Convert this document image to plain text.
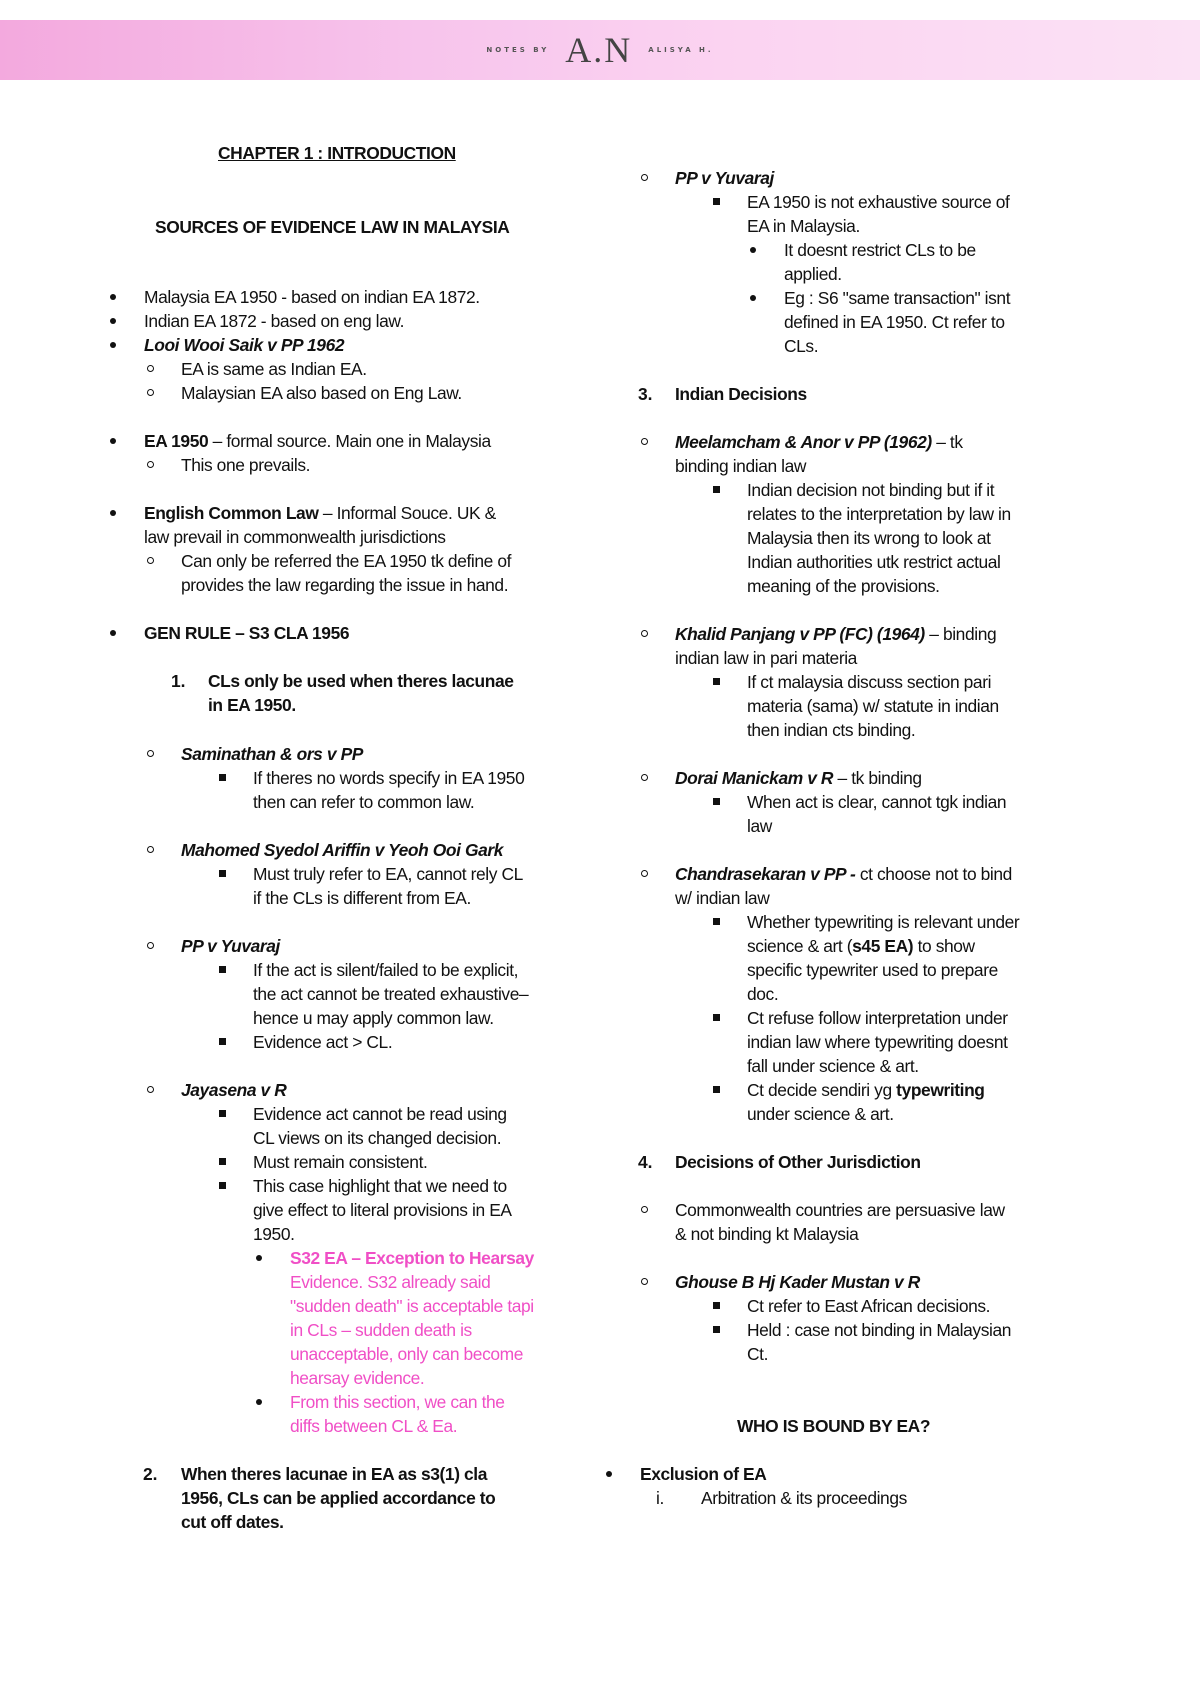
NOTES BY A.N ALISYA H.
CHAPTER 1 : INTRODUCTION
SOURCES OF EVIDENCE LAW IN MALAYSIA
Malaysia EA 1950 - based on indian EA 1872.
Indian EA 1872 - based on eng law.
Looi Wooi Saik v PP 1962
EA is same as Indian EA.
Malaysian EA also based on Eng Law.
EA 1950 – formal source. Main one in Malaysia
This one prevails.
English Common Law – Informal Souce. UK &
law prevail in commonwealth jurisdictions
Can only be referred the EA 1950 tk define of
provides the law regarding the issue in hand.
GEN RULE – S3 CLA 1956
1. CLs only be used when theres lacunae
in EA 1950.
Saminathan & ors v PP
If theres no words specify in EA 1950
then can refer to common law.
Mahomed Syedol Ariffin v Yeoh Ooi Gark
Must truly refer to EA, cannot rely CL
if the CLs is different from EA.
PP v Yuvaraj
If the act is silent/failed to be explicit,
the act cannot be treated exhaustive–
hence u may apply common law.
Evidence act > CL.
Jayasena v R
Evidence act cannot be read using
CL views on its changed decision.
Must remain consistent.
This case highlight that we need to
give effect to literal provisions in EA
1950.
S32 EA – Exception to Hearsay
Evidence. S32 already said
"sudden death" is acceptable tapi
in CLs – sudden death is
unacceptable, only can become
hearsay evidence.
From this section, we can the
diffs between CL & Ea.
2. When theres lacunae in EA as s3(1) cla
1956, CLs can be applied accordance to
cut off dates.
PP v Yuvaraj
EA 1950 is not exhaustive source of
EA in Malaysia.
It doesnt restrict CLs to be
applied.
Eg : S6 "same transaction" isnt
defined in EA 1950. Ct refer to
CLs.
3. Indian Decisions
Meelamcham & Anor v PP (1962) – tk
binding indian law
Indian decision not binding but if it
relates to the interpretation by law in
Malaysia then its wrong to look at
Indian authorities utk restrict actual
meaning of the provisions.
Khalid Panjang v PP (FC) (1964) – binding
indian law in pari materia
If ct malaysia discuss section pari
materia (sama) w/ statute in indian
then indian cts binding.
Dorai Manickam v R – tk binding
When act is clear, cannot tgk indian
law
Chandrasekaran v PP - ct choose not to bind
w/ indian law
Whether typewriting is relevant under
science & art (s45 EA) to show
specific typewriter used to prepare
doc.
Ct refuse follow interpretation under
indian law where typewriting doesnt
fall under science & art.
Ct decide sendiri yg typewriting
under science & art.
4. Decisions of Other Jurisdiction
Commonwealth countries are persuasive law
& not binding kt Malaysia
Ghouse B Hj Kader Mustan v R
Ct refer to East African decisions.
Held : case not binding in Malaysian
Ct.
WHO IS BOUND BY EA?
Exclusion of EA
i. Arbitration & its proceedings
